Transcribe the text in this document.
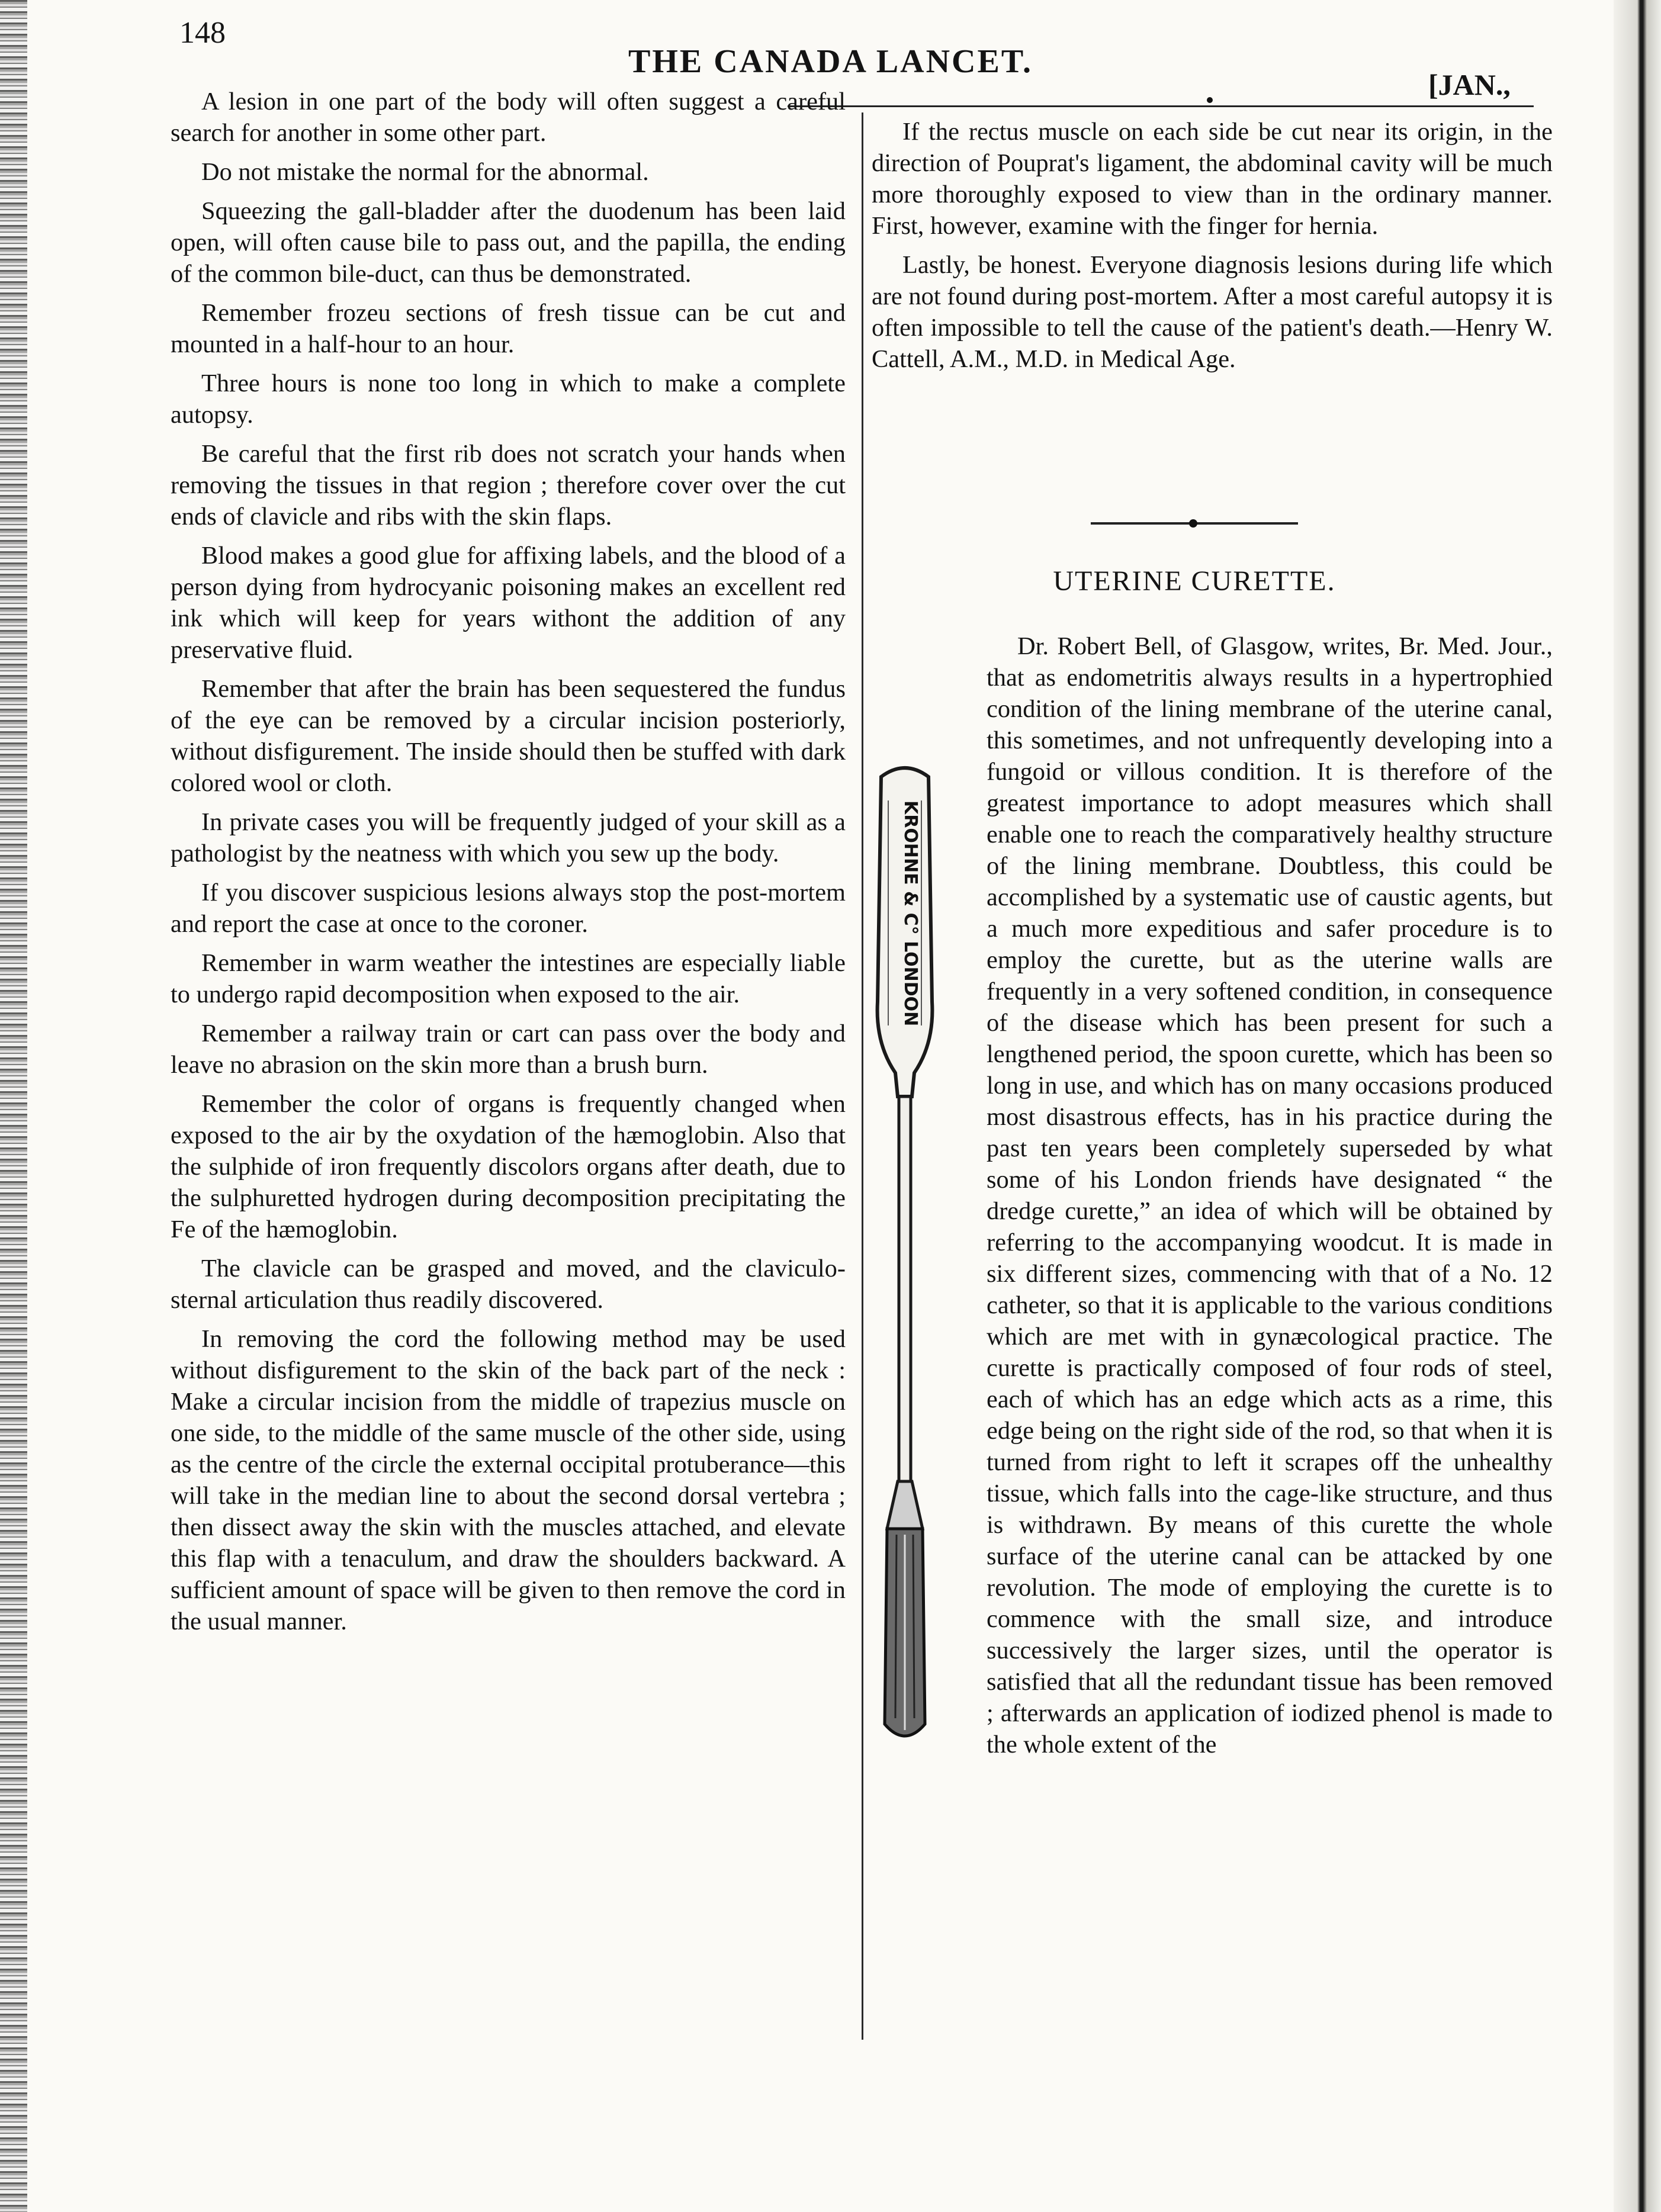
148
THE CANADA LANCET.
[JAN.,

A lesion in one part of the body will often suggest a careful search for another in some other part.

Do not mistake the normal for the abnormal.

Squeezing the gall-bladder after the duodenum has been laid open, will often cause bile to pass out, and the papilla, the ending of the common bile-duct, can thus be demonstrated.

Remember frozeu sections of fresh tissue can be cut and mounted in a half-hour to an hour.

Three hours is none too long in which to make a complete autopsy.

Be careful that the first rib does not scratch your hands when removing the tissues in that region ; therefore cover over the cut ends of clavicle and ribs with the skin flaps.

Blood makes a good glue for affixing labels, and the blood of a person dying from hydrocyanic poisoning makes an excellent red ink which will keep for years withont the addition of any preservative fluid.

Remember that after the brain has been sequestered the fundus of the eye can be removed by a circular incision posteriorly, without disfigurement. The inside should then be stuffed with dark colored wool or cloth.

In private cases you will be frequently judged of your skill as a pathologist by the neatness with which you sew up the body.

If you discover suspicious lesions always stop the post-mortem and report the case at once to the coroner.

Remember in warm weather the intestines are especially liable to undergo rapid decomposition when exposed to the air.

Remember a railway train or cart can pass over the body and leave no abrasion on the skin more than a brush burn.

Remember the color of organs is frequently changed when exposed to the air by the oxydation of the hæmoglobin. Also that the sulphide of iron frequently discolors organs after death, due to the sulphuretted hydrogen during decomposition precipitating the Fe of the hæmoglobin.

The clavicle can be grasped and moved, and the claviculo-sternal articulation thus readily discovered.

In removing the cord the following method may be used without disfigurement to the skin of the back part of the neck : Make a circular incision from the middle of trapezius muscle on one side, to the middle of the same muscle of the other side, using as the centre of the circle the external occipital protuberance—this will take in the median line to about the second dorsal vertebra ; then dissect away the skin with the muscles attached, and elevate this flap with a tenaculum, and draw the shoulders backward. A sufficient amount of space will be given to then remove the cord in the usual manner.

If the rectus muscle on each side be cut near its origin, in the direction of Pouprat's ligament, the abdominal cavity will be much more thoroughly exposed to view than in the ordinary manner. First, however, examine with the finger for hernia.

Lastly, be honest. Everyone diagnosis lesions during life which are not found during post-mortem. After a most careful autopsy it is often impossible to tell the cause of the patient's death.—Henry W. Cattell, A.M., M.D. in Medical Age.

UTERINE CURETTE.

Dr. Robert Bell, of Glasgow, writes, Br. Med. Jour., that as endometritis always results in a hypertrophied condition of the lining membrane of the uterine canal, this sometimes, and not unfrequently developing into a fungoid or villous condition. It is therefore of the greatest importance to adopt measures which shall enable one to reach the comparatively healthy structure of the lining membrane. Doubtless, this could be accomplished by a systematic use of caustic agents, but a much more expeditious and safer procedure is to employ the curette, but as the uterine walls are frequently in a very softened condition, in consequence of the disease which has been present for such a lengthened period, the spoon curette, which has been so long in use, and which has on many occasions produced most disastrous effects, has in his practice during the past ten years been completely superseded by what some of his London friends have designated “ the dredge curette,” an idea of which will be obtained by referring to the accompanying woodcut. It is made in six different sizes, commencing with that of a No. 12 catheter, so that it is applicable to the various conditions which are met with in gynæcological practice. The curette is practically composed of four rods of steel, each of which has an edge which acts as a rime, this edge being on the right side of the rod, so that when it is turned from right to left it scrapes off the unhealthy tissue, which falls into the cage-like structure, and thus is withdrawn. By means of this curette the whole surface of the uterine canal can be attacked by one revolution. The mode of employing the curette is to commence with the small size, and introduce successively the larger sizes, until the operator is satisfied that all the redundant tissue has been removed ; afterwards an application of iodized phenol is made to the whole extent of the

KROHNE & C° LONDON
